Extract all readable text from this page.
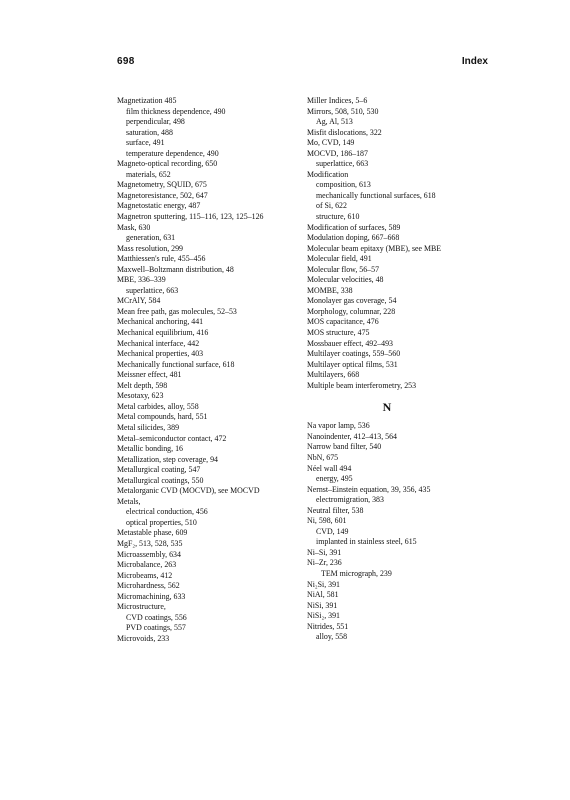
698	Index
Magnetization 485
film thickness dependence, 490
perpendicular, 498
saturation, 488
surface, 491
temperature dependence, 490
Magneto-optical recording, 650
materials, 652
Magnetometry, SQUID, 675
Magnetoresistance, 502, 647
Magnetostatic energy, 487
Magnetron sputtering, 115–116, 123, 125–126
Mask, 630
generation, 631
Mass resolution, 299
Matthiessen's rule, 455–456
Maxwell–Boltzmann distribution, 48
MBE, 336–339
superlattice, 663
MCrAlY, 584
Mean free path, gas molecules, 52–53
Mechanical anchoring, 441
Mechanical equilibrium, 416
Mechanical interface, 442
Mechanical properties, 403
Mechanically functional surface, 618
Meissner effect, 481
Melt depth, 598
Mesotaxy, 623
Metal carbides, alloy, 558
Metal compounds, hard, 551
Metal silicides, 389
Metal–semiconductor contact, 472
Metallic bonding, 16
Metallization, step coverage, 94
Metallurgical coating, 547
Metallurgical coatings, 550
Metalorganic CVD (MOCVD), see MOCVD
Metals,
electrical conduction, 456
optical properties, 510
Metastable phase, 609
MgF₂, 513, 528, 535
Microassembly, 634
Microbalance, 263
Microbeams, 412
Microhardness, 562
Micromachining, 633
Microstructure,
CVD coatings, 556
PVD coatings, 557
Microvoids, 233
Miller Indices, 5–6
Mirrors, 508, 510, 530
Ag, Al, 513
Misfit dislocations, 322
Mo, CVD, 149
MOCVD, 186–187
superlattice, 663
Modification
composition, 613
mechanically functional surfaces, 618
of Si, 622
structure, 610
Modification of surfaces, 589
Modulation doping, 667–668
Molecular beam epitaxy (MBE), see MBE
Molecular field, 491
Molecular flow, 56–57
Molecular velocities, 48
MOMBE, 338
Monolayer gas coverage, 54
Morphology, columnar, 228
MOS capacitance, 476
MOS structure, 475
Mossbauer effect, 492–493
Multilayer coatings, 559–560
Multilayer optical films, 531
Multilayers, 668
Multiple beam interferometry, 253
N
Na vapor lamp, 536
Nanoindenter, 412–413, 564
Narrow band filter, 540
NbN, 675
Néel wall 494
energy, 495
Nernst–Einstein equation, 39, 356, 435
electromigration, 383
Neutral filter, 538
Ni, 598, 601
CVD, 149
implanted in stainless steel, 615
Ni–Si, 391
Ni–Zr, 236
TEM micrograph, 239
Ni₂Si, 391
NiAl, 581
NiSi, 391
NiSi₂, 391
Nitrides, 551
alloy, 558
